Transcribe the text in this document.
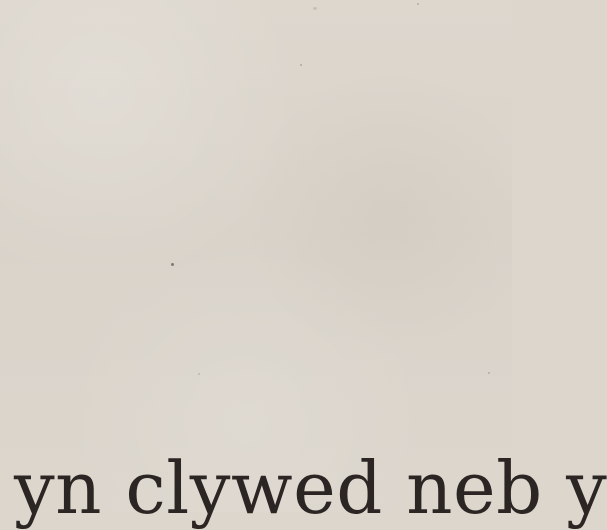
yn clywed neb y
